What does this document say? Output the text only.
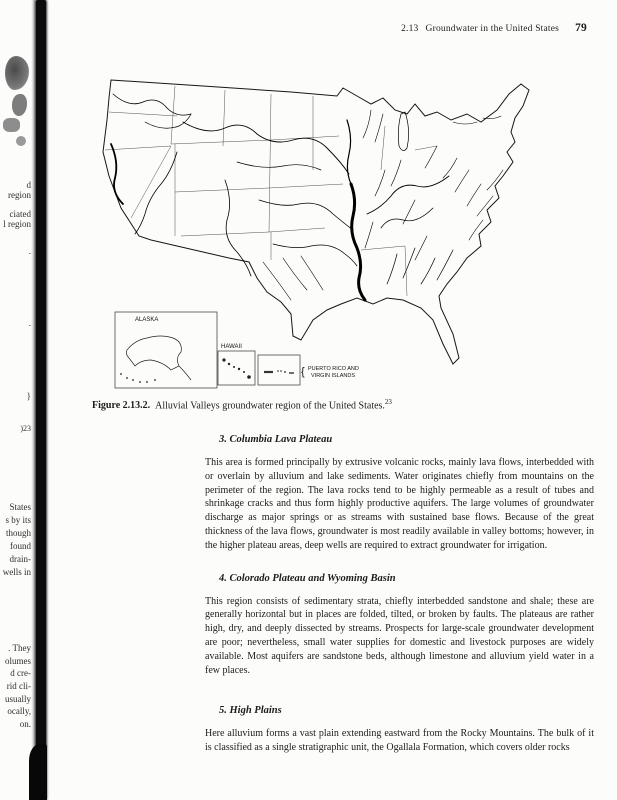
d
region
ciated
l region
.
.
}
)23
States
s by its
though
found
drain-
wells in
. They
olumes
d cre-
rid cli-
usually
ocally,
on.
2.13 Groundwater in the United States 79
ALASKA
HAWAII
{ PUERTO RICO AND
VIRGIN ISLANDS
Figure 2.13.2. Alluvial Valleys groundwater region of the United States.$^{23}$
3. Columbia Lava Plateau

This area is formed principally by extrusive volcanic rocks, mainly lava flows, interbedded with or overlain by alluvium and lake sediments. Water originates chiefly from mountains on the perimeter of the region. The lava rocks tend to be highly permeable as a result of tubes and shrinkage cracks and thus form highly productive aquifers. The large volumes of groundwater discharge as major springs or as streams with sustained base flows. Because of the great thickness of the lava flows, groundwater is most readily available in valley bottoms; however, in the higher plateau areas, deep wells are required to extract groundwater for irrigation.

4. Colorado Plateau and Wyoming Basin

This region consists of sedimentary strata, chiefly interbedded sandstone and shale; these are generally horizontal but in places are folded, tilted, or broken by faults. The plateaus are rather high, dry, and deeply dissected by streams. Prospects for large-scale groundwater development are poor; nevertheless, small water supplies for domestic and livestock purposes are widely available. Most aquifers are sandstone beds, although limestone and alluvium yield water in a few places.

5. High Plains

Here alluvium forms a vast plain extending eastward from the Rocky Mountains. The bulk of it is classified as a single stratigraphic unit, the Ogallala Formation, which covers older rocks
